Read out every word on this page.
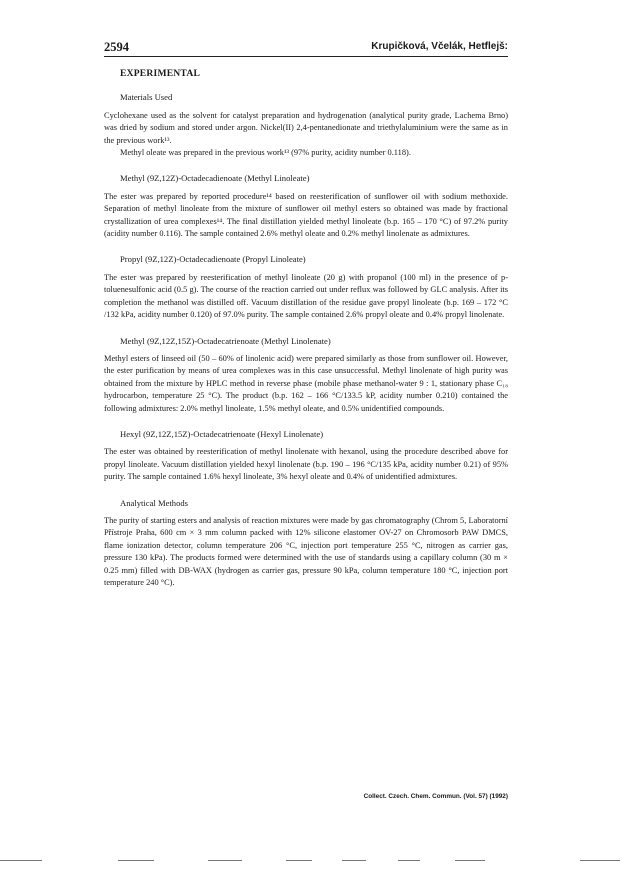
2594	Krupičková, Včelák, Hetflejš:
EXPERIMENTAL
Materials Used

Cyclohexane used as the solvent for catalyst preparation and hydrogenation (analytical purity grade, Lachema Brno) was dried by sodium and stored under argon. Nickel(II) 2,4-pentanedionate and triethylaluminium were the same as in the previous work¹³.

Methyl oleate was prepared in the previous work¹³ (97% purity, acidity number 0.118).

Methyl (9Z,12Z)-Octadecadienoate (Methyl Linoleate)

The ester was prepared by reported procedure¹⁴ based on reesterification of sunflower oil with sodium methoxide. Separation of methyl linoleate from the mixture of sunflower oil methyl esters so obtained was made by fractional crystallization of urea complexes¹⁴. The final distillation yielded methyl linoleate (b.p. 165 – 170 °C) of 97.2% purity (acidity number 0.116). The sample contained 2.6% methyl oleate and 0.2% methyl linolenate as admixtures.

Propyl (9Z,12Z)-Octadecadienoate (Propyl Linoleate)

The ester was prepared by reesterification of methyl linoleate (20 g) with propanol (100 ml) in the presence of p-toluenesulfonic acid (0.5 g). The course of the reaction carried out under reflux was followed by GLC analysis. After its completion the methanol was distilled off. Vacuum distillation of the residue gave propyl linoleate (b.p. 169 – 172 °C /132 kPa, acidity number 0.120) of 97.0% purity. The sample contained 2.6% propyl oleate and 0.4% propyl linolenate.

Methyl (9Z,12Z,15Z)-Octadecatrienoate (Methyl Linolenate)

Methyl esters of linseed oil (50 – 60% of linolenic acid) were prepared similarly as those from sunflower oil. However, the ester purification by means of urea complexes was in this case unsuccessful. Methyl linolenate of high purity was obtained from the mixture by HPLC method in reverse phase (mobile phase methanol-water 9 : 1, stationary phase C₁₈ hydrocarbon, temperature 25 °C). The product (b.p. 162 – 166 °C/133.5 kP, acidity number 0.210) contained the following admixtures: 2.0% methyl linoleate, 1.5% methyl oleate, and 0.5% unidentified compounds.

Hexyl (9Z,12Z,15Z)-Octadecatrienoate (Hexyl Linolenate)

The ester was obtained by reesterification of methyl linolenate with hexanol, using the procedure described above for propyl linoleate. Vacuum distillation yielded hexyl linolenate (b.p. 190 – 196 °C/135 kPa, acidity number 0.21) of 95% purity. The sample contained 1.6% hexyl linoleate, 3% hexyl oleate and 0.4% of unidentified admixtures.

Analytical Methods

The purity of starting esters and analysis of reaction mixtures were made by gas chromatography (Chrom 5, Laboratorní Přístroje Praha, 600 cm × 3 mm column packed with 12% silicone elastomer OV-27 on Chromosorb PAW DMCS, flame ionization detector, column temperature 206 °C, injection port temperature 255 °C, nitrogen as carrier gas, pressure 130 kPa). The products formed were determined with the use of standards using a capillary column (30 m × 0.25 mm) filled with DB-WAX (hydrogen as carrier gas, pressure 90 kPa, column temperature 180 °C, injection port temperature 240 °C).

Collect. Czech. Chem. Commun. (Vol. 57) (1992)
